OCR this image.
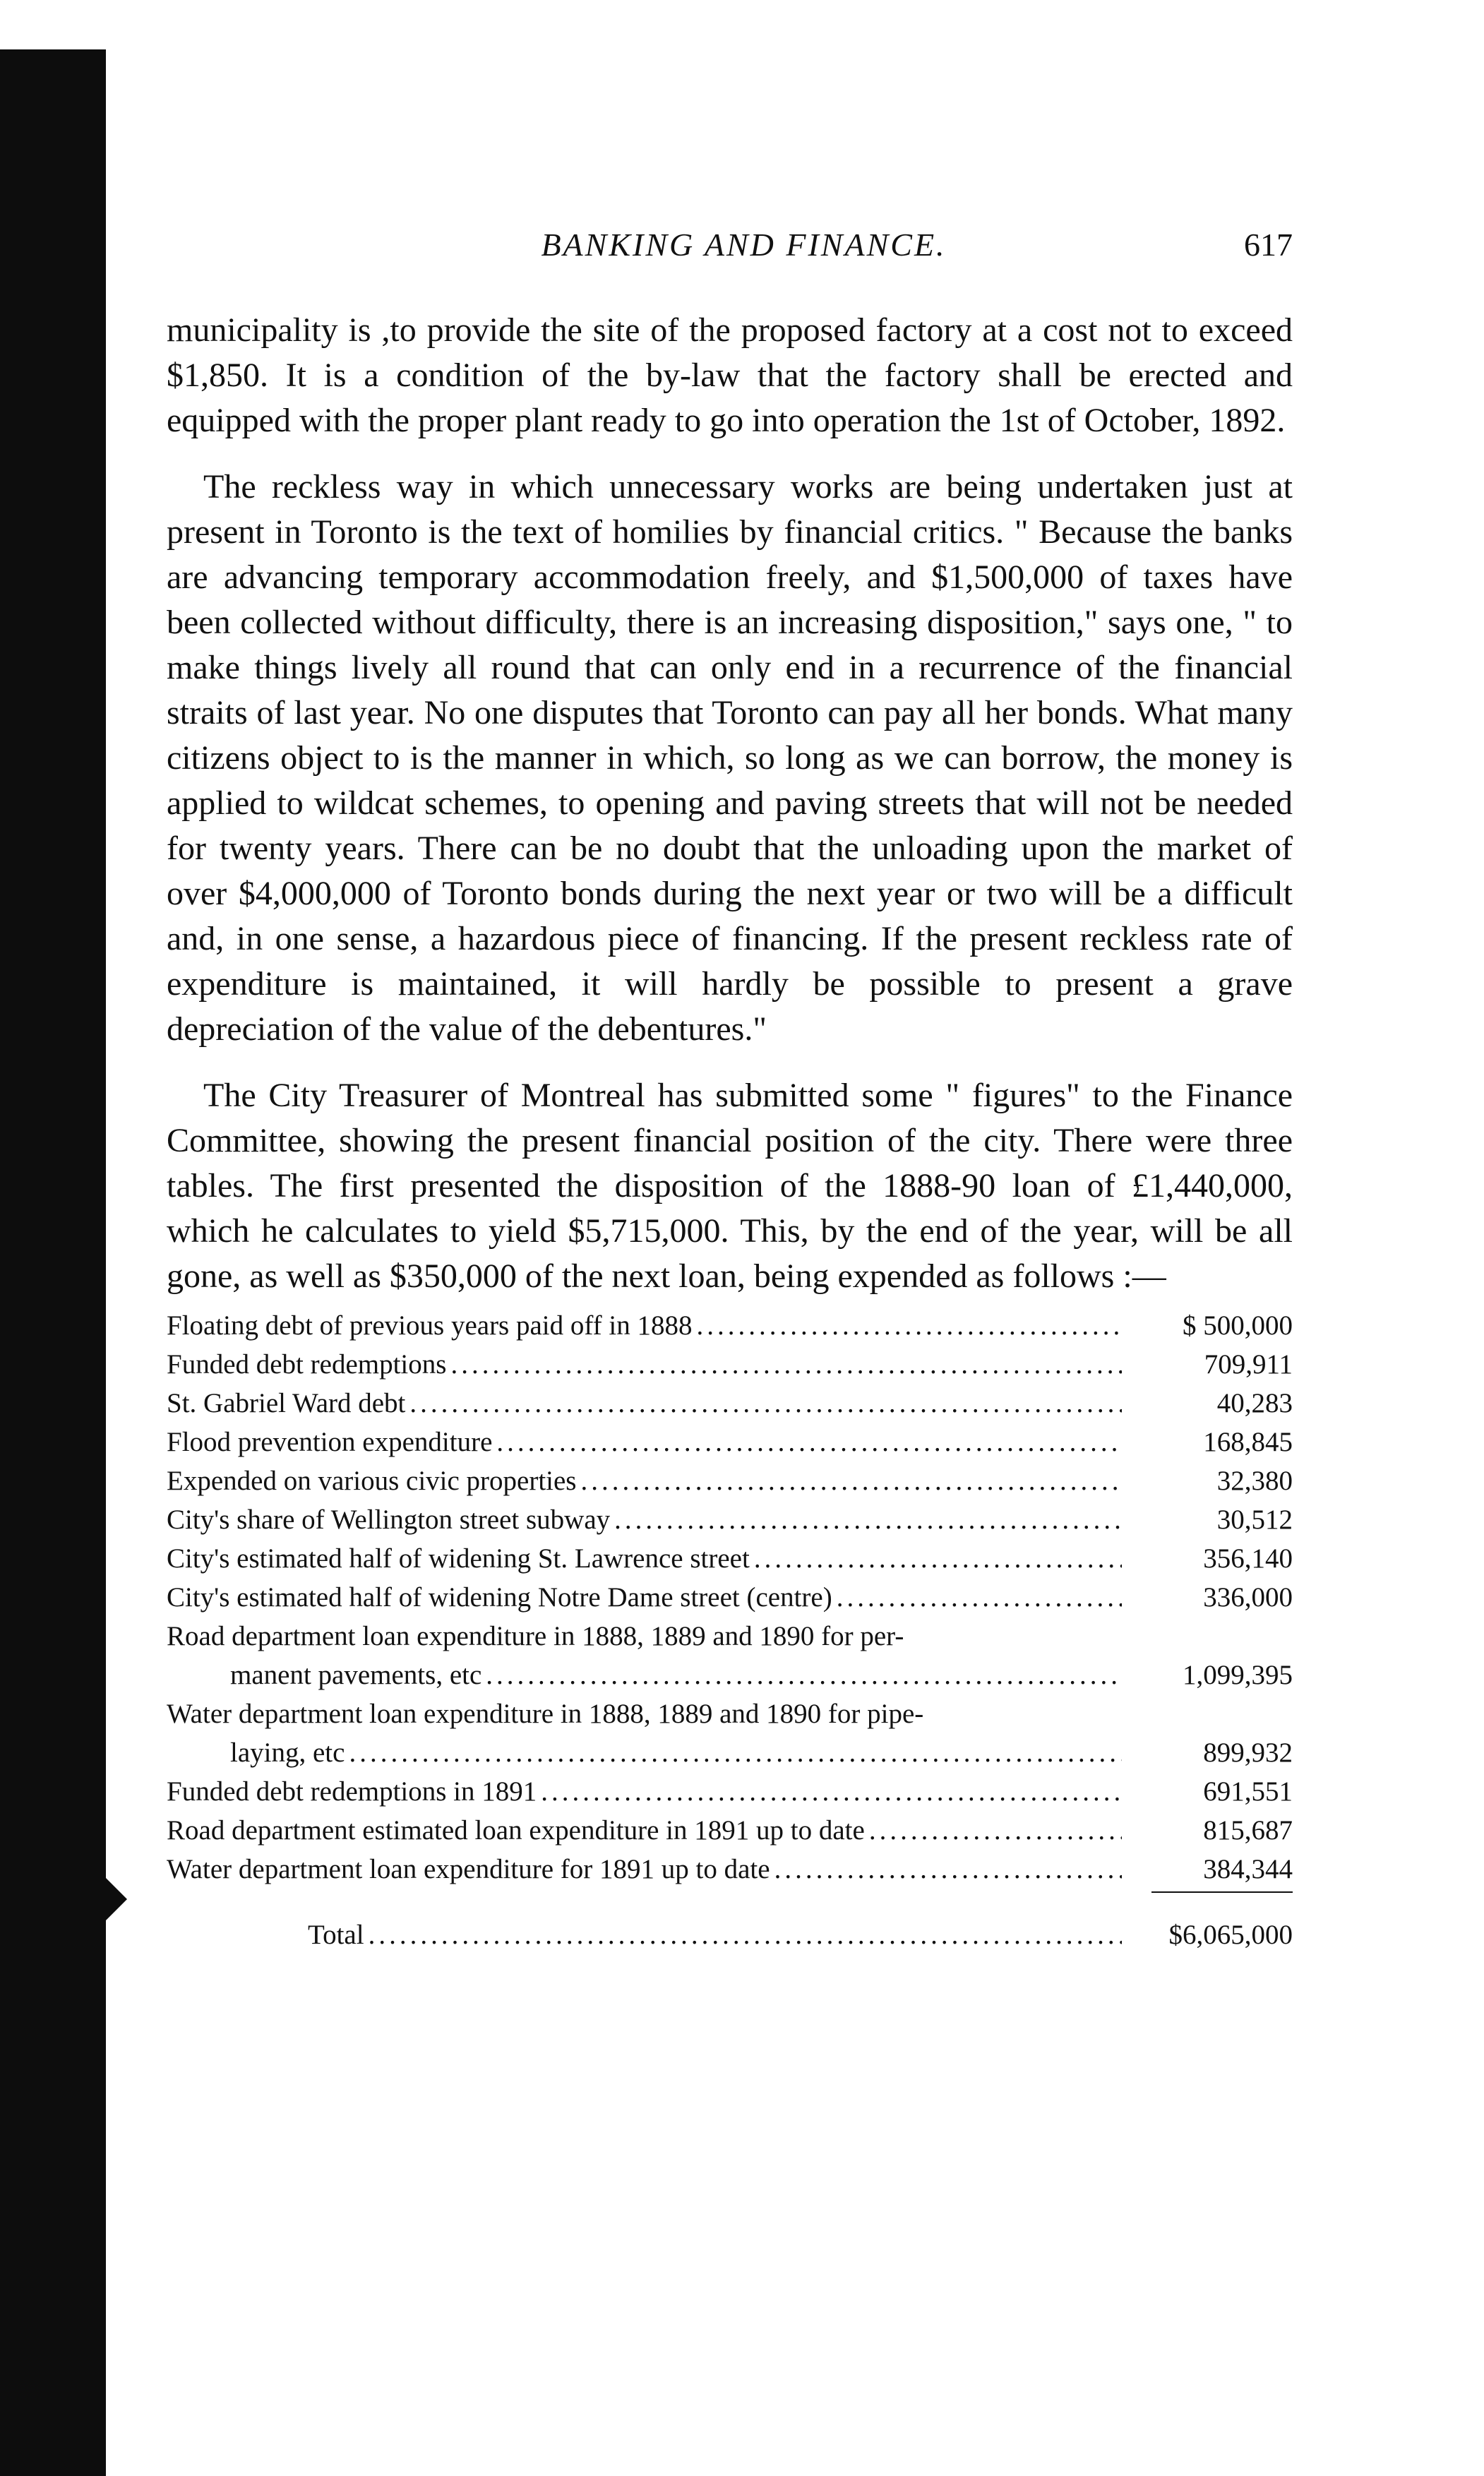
BANKING AND FINANCE.	617

municipality is ,to provide the site of the proposed factory at a cost not to exceed $1,850. It is a condition of the by-law that the factory shall be erected and equipped with the proper plant ready to go into operation the 1st of October, 1892.

The reckless way in which unnecessary works are being undertaken just at present in Toronto is the text of homilies by financial critics. " Because the banks are advancing temporary accommodation freely, and $1,500,000 of taxes have been collected without difficulty, there is an increasing disposition," says one, " to make things lively all round that can only end in a recurrence of the financial straits of last year. No one disputes that Toronto can pay all her bonds. What many citizens object to is the manner in which, so long as we can borrow, the money is applied to wildcat schemes, to opening and paving streets that will not be needed for twenty years. There can be no doubt that the unloading upon the market of over $4,000,000 of Toronto bonds during the next year or two will be a difficult and, in one sense, a hazardous piece of financing. If the present reckless rate of expenditure is maintained, it will hardly be possible to present a grave depreciation of the value of the debentures."

The City Treasurer of Montreal has submitted some " figures" to the Finance Committee, showing the present financial position of the city. There were three tables. The first presented the disposition of the 1888-90 loan of £1,440,000, which he calculates to yield $5,715,000. This, by the end of the year, will be all gone, as well as $350,000 of the next loan, being expended as follows :—

Floating debt of previous years paid off in 1888 .....	$ 500,000
Funded debt redemptions .....	709,911
St. Gabriel Ward debt .....	40,283
Flood prevention expenditure .....	168,845
Expended on various civic properties .....	32,380
City's share of Wellington street subway .....	30,512
City's estimated half of widening St. Lawrence street .....	356,140
City's estimated half of widening Notre Dame street (centre) .....	336,000
Road department loan expenditure in 1888, 1889 and 1890 for per-
manent pavements, etc .....	1,099,395
Water department loan expenditure in 1888, 1889 and 1890 for pipe-
laying, etc .....	899,932
Funded debt redemptions in 1891 .....	691,551
Road department estimated loan expenditure in 1891 up to date .....	815,687
Water department loan expenditure for 1891 up to date .....	384,344
Total .....	$6,065,000
